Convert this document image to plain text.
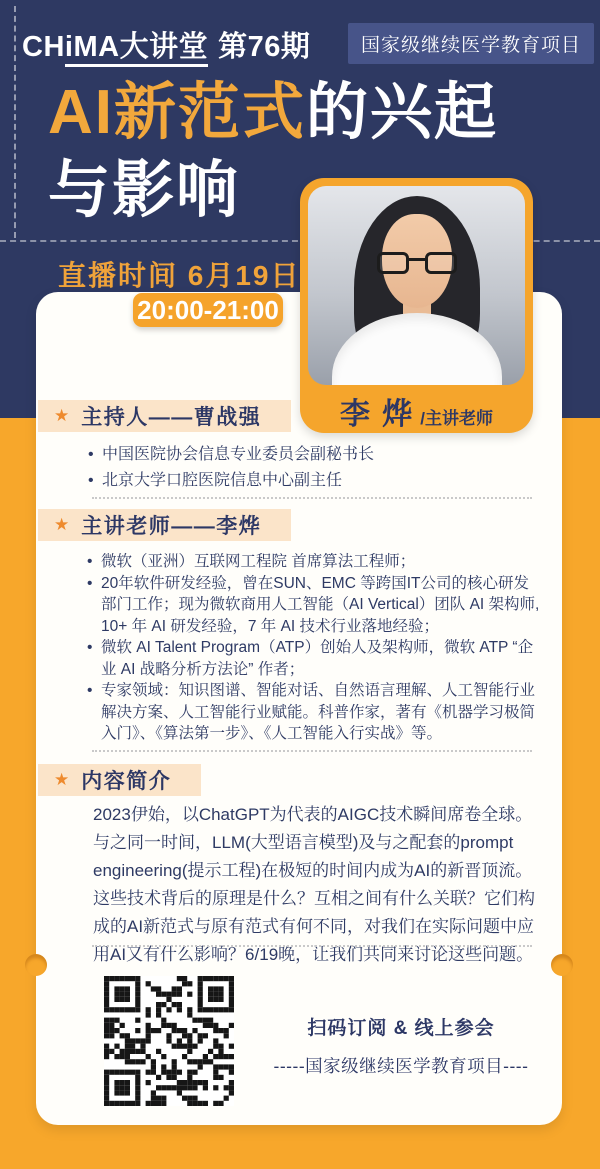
CHiMA大讲堂 第76期	国家级继续医学教育项目
AI新范式的兴起
与影响
直播时间 6月19日
20:00-21:00
李 烨 /主讲老师
★ 主持人——曹战强
• 中国医院协会信息专业委员会副秘书长
• 北京大学口腔医院信息中心副主任
★ 主讲老师——李烨
• 微软（亚洲）互联网工程院 首席算法工程师；
• 20年软件研发经验，曾在SUN、EMC 等跨国IT公司的核心研发部门工作；现为微软商用人工智能（AI Vertical）团队 AI 架构师, 10+ 年 AI 研发经验，7 年 AI 技术行业落地经验；
• 微软 AI Talent Program（ATP）创始人及架构师，微软 ATP “企业 AI 战略分析方法论” 作者；
• 专家领域：知识图谱、智能对话、自然语言理解、人工智能行业解决方案、人工智能行业赋能。科普作家，著有《机器学习极简入门》、《算法第一步》、《人工智能入行实战》等。
★ 内容简介

2023伊始，以ChatGPT为代表的AIGC技术瞬间席卷全球。与之同一时间，LLM(大型语言模型)及与之配套的prompt engineering(提示工程)在极短的时间内成为AI的新晋顶流。这些技术背后的原理是什么？互相之间有什么关联？它们构成的AI新范式与原有范式有何不同，对我们在实际问题中应用AI又有什么影响？6/19晚，让我们共同来讨论这些问题。

扫码订阅 & 线上参会
-----国家级继续医学教育项目----
